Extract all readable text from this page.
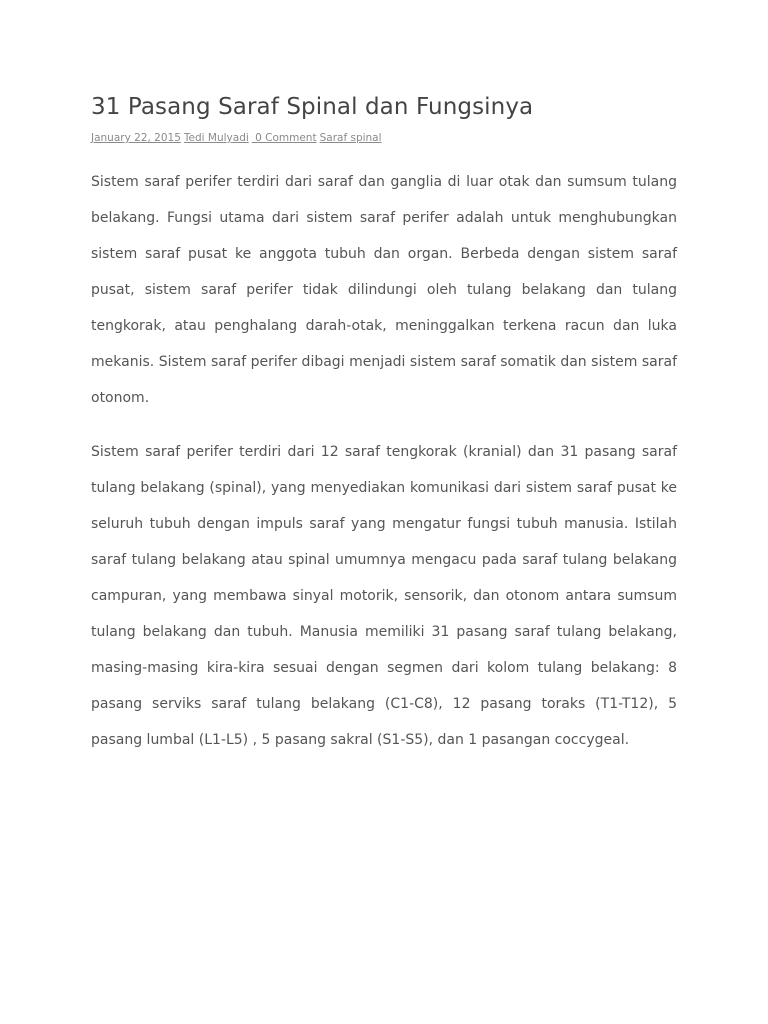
31 Pasang Saraf Spinal dan Fungsinya
January 22, 2015 Tedi Mulyadi 0 Comment Saraf spinal

Sistem saraf perifer terdiri dari saraf dan ganglia di luar otak dan sumsum tulang belakang. Fungsi utama dari sistem saraf perifer adalah untuk menghubungkan sistem saraf pusat ke anggota tubuh dan organ. Berbeda dengan sistem saraf pusat, sistem saraf perifer tidak dilindungi oleh tulang belakang dan tulang tengkorak, atau penghalang darah-otak, meninggalkan terkena racun dan luka mekanis. Sistem saraf perifer dibagi menjadi sistem saraf somatik dan sistem saraf otonom.

Sistem saraf perifer terdiri dari 12 saraf tengkorak (kranial) dan 31 pasang saraf tulang belakang (spinal), yang menyediakan komunikasi dari sistem saraf pusat ke seluruh tubuh dengan impuls saraf yang mengatur fungsi tubuh manusia. Istilah saraf tulang belakang atau spinal umumnya mengacu pada saraf tulang belakang campuran, yang membawa sinyal motorik, sensorik, dan otonom antara sumsum tulang belakang dan tubuh. Manusia memiliki 31 pasang saraf tulang belakang, masing-masing kira-kira sesuai dengan segmen dari kolom tulang belakang: 8 pasang serviks saraf tulang belakang (C1-C8), 12 pasang toraks (T1-T12), 5 pasang lumbal (L1-L5) , 5 pasang sakral (S1-S5), dan 1 pasangan coccygeal.
